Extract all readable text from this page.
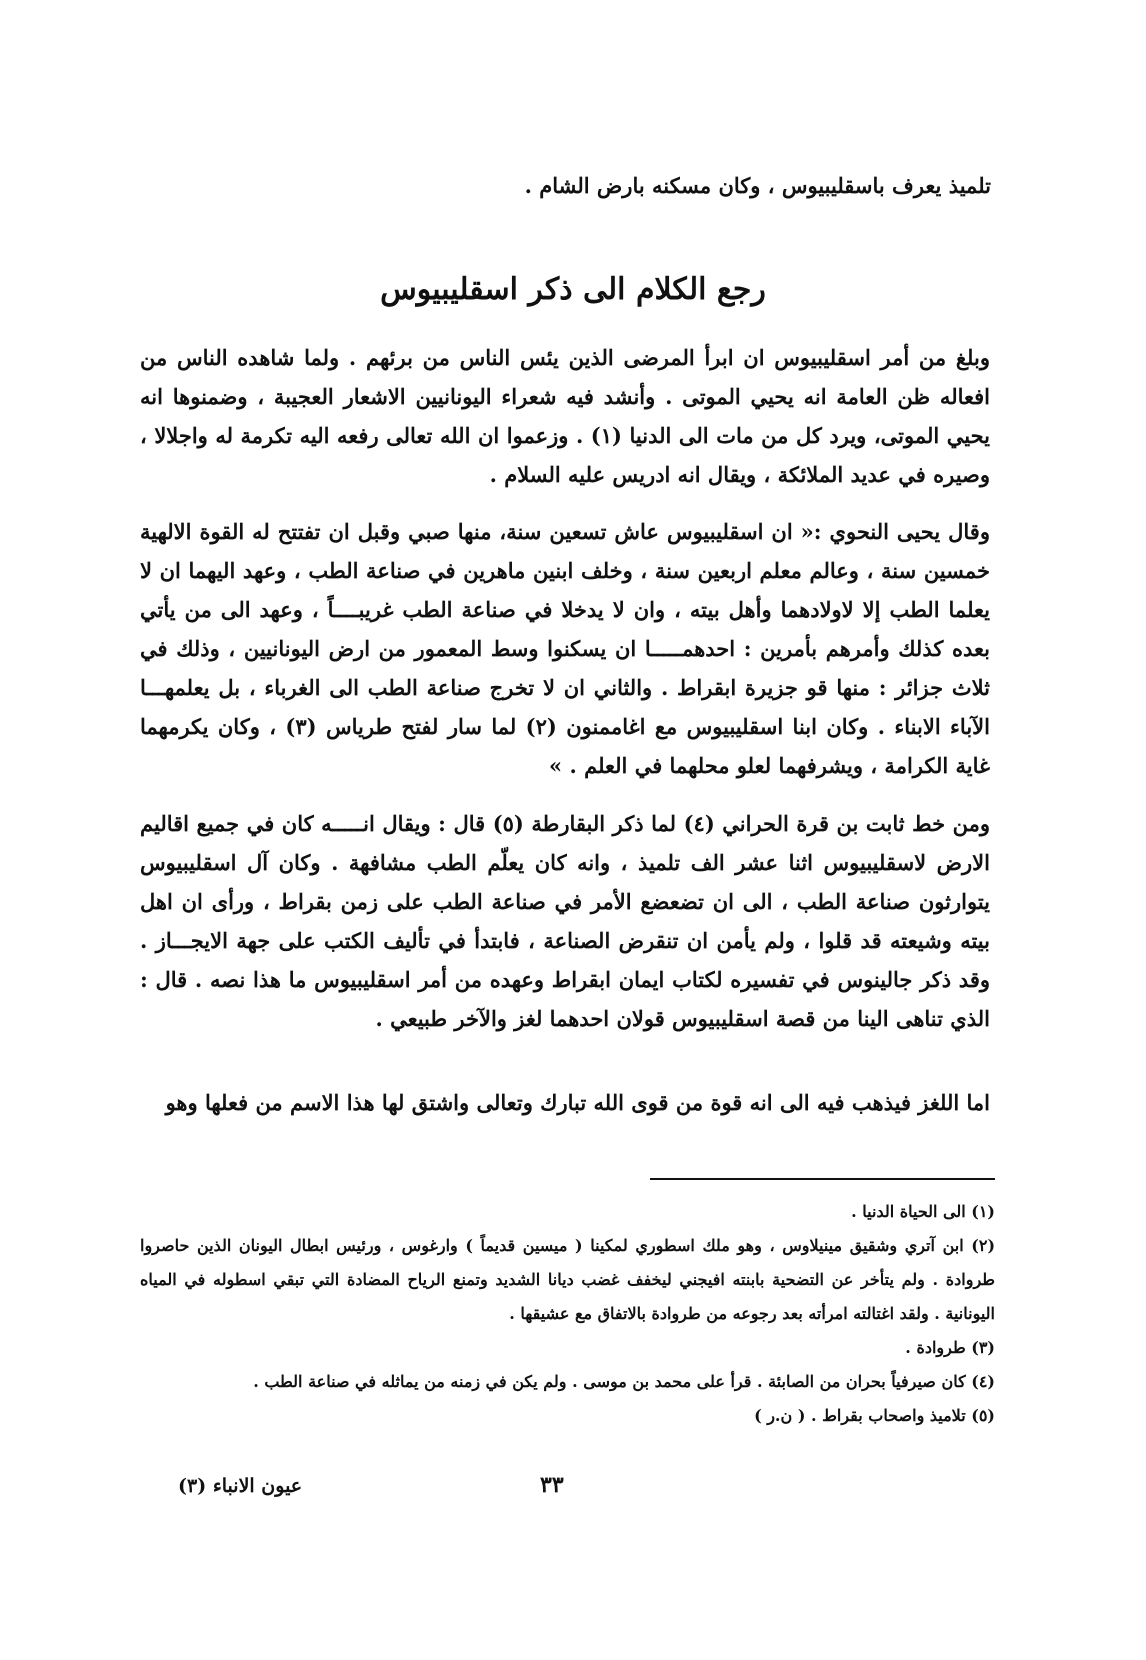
تلميذ يعرف باسقليبيوس ، وكان مسكنه بارض الشام .
رجع الكلام الى ذكر اسقليبيوس
وبلغ من أمر اسقليبيوس ان ابرأ المرضى الذين يئس الناس من برئهم . ولما شاهده الناس من افعاله ظن العامة انه يحيي الموتى . وأنشد فيه شعراء اليونانيين الاشعار العجيبة ، وضمنوها انه يحيي الموتى، ويرد كل من مات الى الدنيا (١) . وزعموا ان الله تعالى رفعه اليه تكرمة له واجلالا ، وصيره في عديد الملائكة ، ويقال انه ادريس عليه السلام .
وقال يحيى النحوي :« ان اسقليبيوس عاش تسعين سنة، منها صبي وقبل ان تفتتح له القوة الالهية خمسين سنة ، وعالم معلم اربعين سنة ، وخلف ابنين ماهرين في صناعة الطب ، وعهد اليهما ان لا يعلما الطب إلا لاولادهما وأهل بيته ، وان لا يدخلا في صناعة الطب غريبــــاً ، وعهد الى من يأتي بعده كذلك وأمرهم بأمرين : احدهمـــــا ان يسكنوا وسط المعمور من ارض اليونانيين ، وذلك في ثلاث جزائر : منها قو جزيرة ابقراط . والثاني ان لا تخرج صناعة الطب الى الغرباء ، بل يعلمهـــا الآباء الابناء . وكان ابنا اسقليبيوس مع اغاممنون (٢) لما سار لفتح طرياس (٣) ، وكان يكرمهما غاية الكرامة ، ويشرفهما لعلو محلهما في العلم . »
ومن خط ثابت بن قرة الحراني (٤) لما ذكر البقارطة (٥) قال : ويقال انـــــه كان في جميع اقاليم الارض لاسقليبيوس اثنا عشر الف تلميذ ، وانه كان يعلّم الطب مشافهة . وكان آل اسقليبيوس يتوارثون صناعة الطب ، الى ان تضعضع الأمر في صناعة الطب على زمن بقراط ، ورأى ان اهل بيته وشيعته قد قلوا ، ولم يأمن ان تنقرض الصناعة ، فابتدأ في تأليف الكتب على جهة الايجـــاز . وقد ذكر جالينوس في تفسيره لكتاب ايمان ابقراط وعهده من أمر اسقليبيوس ما هذا نصه . قال : الذي تناهى الينا من قصة اسقليبيوس قولان احدهما لغز والآخر طبيعي .
اما اللغز فيذهب فيه الى انه قوة من قوى الله تبارك وتعالى واشتق لها هذا الاسم من فعلها وهو
(١) الى الحياة الدنيا .
(٢) ابن آتري وشقيق مينيلاوس ، وهو ملك اسطوري لمكينا ( ميسين قديماً ) وارغوس ، ورئيس ابطال اليونان الذين حاصروا طروادة . ولم يتأخر عن التضحية بابنته افيجني ليخفف غضب ديانا الشديد وتمنع الرياح المضادة التي تبقي اسطوله في المياه اليونانية . ولقد اغتالته امرأته بعد رجوعه من طروادة بالاتفاق مع عشيقها .
(٣) طروادة .
(٤) كان صيرفياً بحران من الصابئة . قرأ على محمد بن موسى . ولم يكن في زمنه من يماثله في صناعة الطب .
(٥) تلاميذ واصحاب بقراط . ( ن.ر )
عيون الانباء (٣)	٣٣
